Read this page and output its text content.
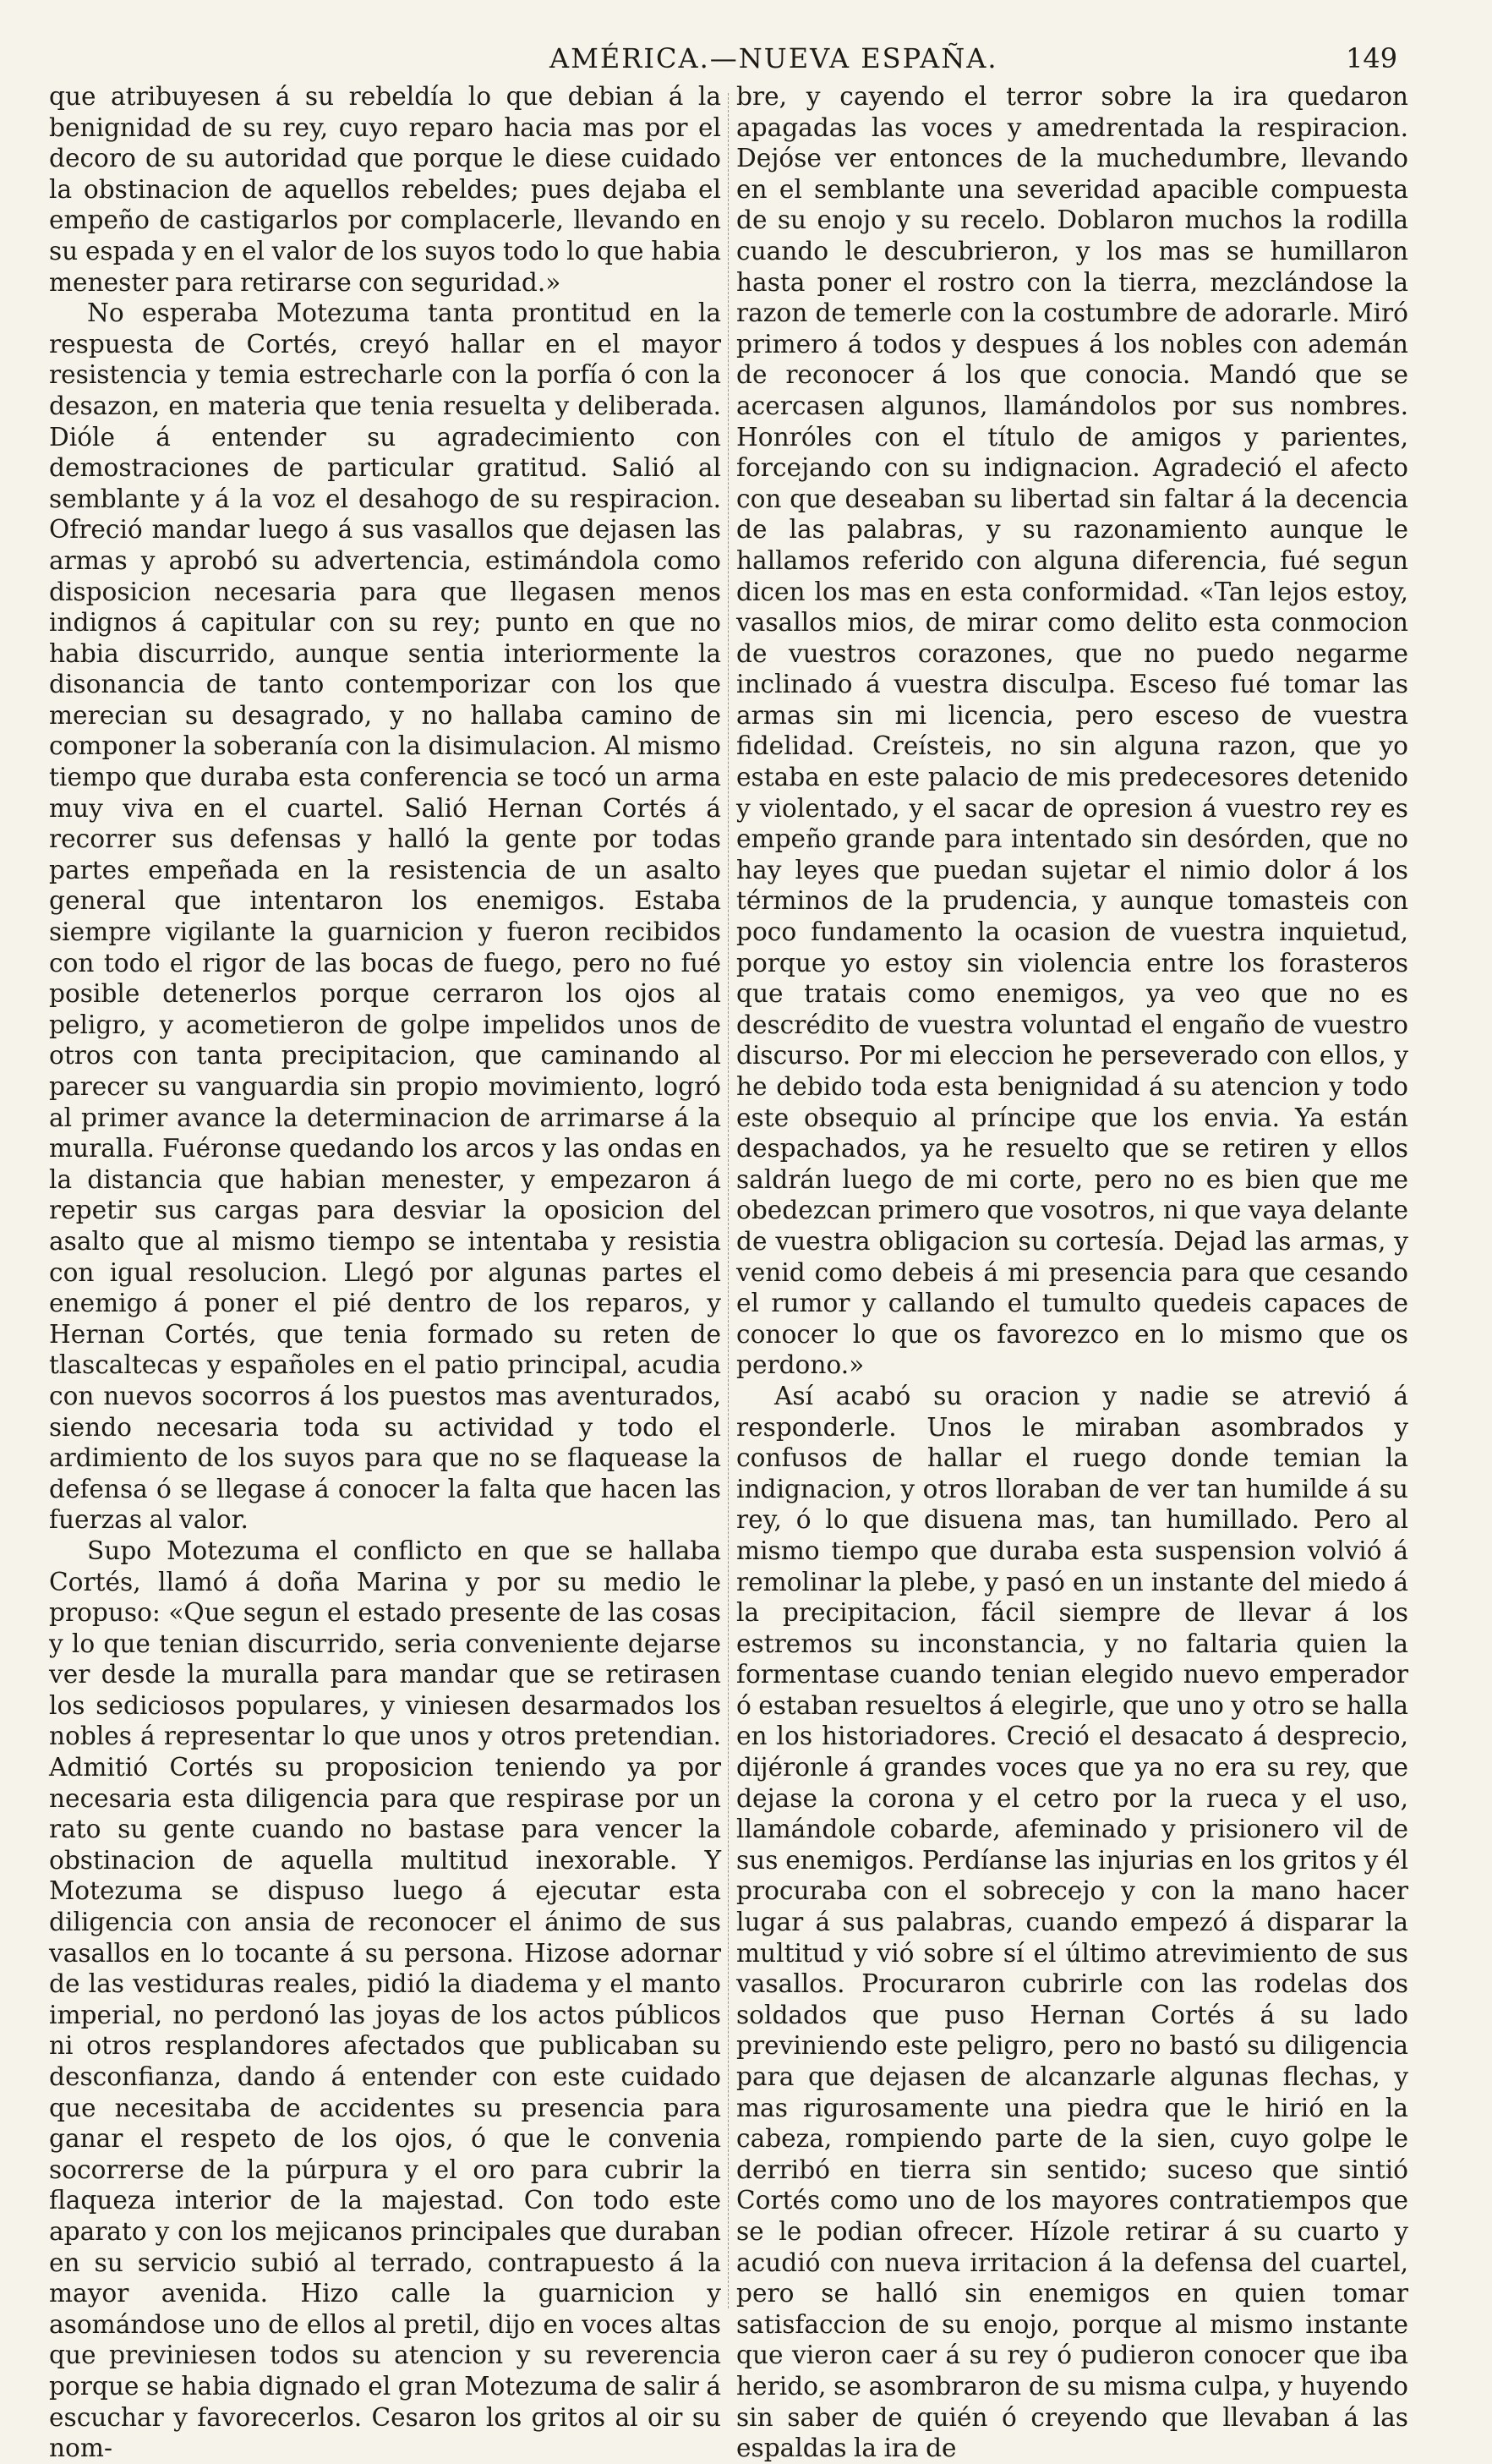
AMÉRICA.—NUEVA ESPAÑA.	149

que atribuyesen á su rebeldía lo que debian á la benignidad de su rey, cuyo reparo hacia mas por el decoro de su autoridad que porque le diese cuidado la obstinacion de aquellos rebeldes; pues dejaba el empeño de castigarlos por complacerle, llevando en su espada y en el valor de los suyos todo lo que habia menester para retirarse con seguridad.»

No esperaba Motezuma tanta prontitud en la respuesta de Cortés, creyó hallar en el mayor resistencia y temia estrecharle con la porfía ó con la desazon, en materia que tenia resuelta y deliberada. Dióle á entender su agradecimiento con demostraciones de particular gratitud. Salió al semblante y á la voz el desahogo de su respiracion. Ofreció mandar luego á sus vasallos que dejasen las armas y aprobó su advertencia, estimándola como disposicion necesaria para que llegasen menos indignos á capitular con su rey; punto en que no habia discurrido, aunque sentia interiormente la disonancia de tanto contemporizar con los que merecian su desagrado, y no hallaba camino de componer la soberanía con la disimulacion. Al mismo tiempo que duraba esta conferencia se tocó un arma muy viva en el cuartel. Salió Hernan Cortés á recorrer sus defensas y halló la gente por todas partes empeñada en la resistencia de un asalto general que intentaron los enemigos. Estaba siempre vigilante la guarnicion y fueron recibidos con todo el rigor de las bocas de fuego, pero no fué posible detenerlos porque cerraron los ojos al peligro, y acometieron de golpe impelidos unos de otros con tanta precipitacion, que caminando al parecer su vanguardia sin propio movimiento, logró al primer avance la determinacion de arrimarse á la muralla. Fuéronse quedando los arcos y las ondas en la distancia que habian menester, y empezaron á repetir sus cargas para desviar la oposicion del asalto que al mismo tiempo se intentaba y resistia con igual resolucion. Llegó por algunas partes el enemigo á poner el pié dentro de los reparos, y Hernan Cortés, que tenia formado su reten de tlascaltecas y españoles en el patio principal, acudia con nuevos socorros á los puestos mas aventurados, siendo necesaria toda su actividad y todo el ardimiento de los suyos para que no se flaquease la defensa ó se llegase á conocer la falta que hacen las fuerzas al valor.

Supo Motezuma el conflicto en que se hallaba Cortés, llamó á doña Marina y por su medio le propuso: «Que segun el estado presente de las cosas y lo que tenian discurrido, seria conveniente dejarse ver desde la muralla para mandar que se retirasen los sediciosos populares, y viniesen desarmados los nobles á representar lo que unos y otros pretendian. Admitió Cortés su proposicion teniendo ya por necesaria esta diligencia para que respirase por un rato su gente cuando no bastase para vencer la obstinacion de aquella multitud inexorable. Y Motezuma se dispuso luego á ejecutar esta diligencia con ansia de reconocer el ánimo de sus vasallos en lo tocante á su persona. Hizose adornar de las vestiduras reales, pidió la diadema y el manto imperial, no perdonó las joyas de los actos públicos ni otros resplandores afectados que publicaban su desconfianza, dando á entender con este cuidado que necesitaba de accidentes su presencia para ganar el respeto de los ojos, ó que le convenia socorrerse de la púrpura y el oro para cubrir la flaqueza interior de la majestad. Con todo este aparato y con los mejicanos principales que duraban en su servicio subió al terrado, contrapuesto á la mayor avenida. Hizo calle la guarnicion y asomándose uno de ellos al pretil, dijo en voces altas que previniesen todos su atencion y su reverencia porque se habia dignado el gran Motezuma de salir á escuchar y favorecerlos. Cesaron los gritos al oir su nom-

bre, y cayendo el terror sobre la ira quedaron apagadas las voces y amedrentada la respiracion. Dejóse ver entonces de la muchedumbre, llevando en el semblante una severidad apacible compuesta de su enojo y su recelo. Doblaron muchos la rodilla cuando le descubrieron, y los mas se humillaron hasta poner el rostro con la tierra, mezclándose la razon de temerle con la costumbre de adorarle. Miró primero á todos y despues á los nobles con ademán de reconocer á los que conocia. Mandó que se acercasen algunos, llamándolos por sus nombres. Honróles con el título de amigos y parientes, forcejando con su indignacion. Agradeció el afecto con que deseaban su libertad sin faltar á la decencia de las palabras, y su razonamiento aunque le hallamos referido con alguna diferencia, fué segun dicen los mas en esta conformidad. «Tan lejos estoy, vasallos mios, de mirar como delito esta conmocion de vuestros corazones, que no puedo negarme inclinado á vuestra disculpa. Esceso fué tomar las armas sin mi licencia, pero esceso de vuestra fidelidad. Creísteis, no sin alguna razon, que yo estaba en este palacio de mis predecesores detenido y violentado, y el sacar de opresion á vuestro rey es empeño grande para intentado sin desórden, que no hay leyes que puedan sujetar el nimio dolor á los términos de la prudencia, y aunque tomasteis con poco fundamento la ocasion de vuestra inquietud, porque yo estoy sin violencia entre los forasteros que tratais como enemigos, ya veo que no es descrédito de vuestra voluntad el engaño de vuestro discurso. Por mi eleccion he perseverado con ellos, y he debido toda esta benignidad á su atencion y todo este obsequio al príncipe que los envia. Ya están despachados, ya he resuelto que se retiren y ellos saldrán luego de mi corte, pero no es bien que me obedezcan primero que vosotros, ni que vaya delante de vuestra obligacion su cortesía. Dejad las armas, y venid como debeis á mi presencia para que cesando el rumor y callando el tumulto quedeis capaces de conocer lo que os favorezco en lo mismo que os perdono.»

Así acabó su oracion y nadie se atrevió á responderle. Unos le miraban asombrados y confusos de hallar el ruego donde temian la indignacion, y otros lloraban de ver tan humilde á su rey, ó lo que disuena mas, tan humillado. Pero al mismo tiempo que duraba esta suspension volvió á remolinar la plebe, y pasó en un instante del miedo á la precipitacion, fácil siempre de llevar á los estremos su inconstancia, y no faltaria quien la formentase cuando tenian elegido nuevo emperador ó estaban resueltos á elegirle, que uno y otro se halla en los historiadores. Creció el desacato á desprecio, dijéronle á grandes voces que ya no era su rey, que dejase la corona y el cetro por la rueca y el uso, llamándole cobarde, afeminado y prisionero vil de sus enemigos. Perdíanse las injurias en los gritos y él procuraba con el sobrecejo y con la mano hacer lugar á sus palabras, cuando empezó á disparar la multitud y vió sobre sí el último atrevimiento de sus vasallos. Procuraron cubrirle con las rodelas dos soldados que puso Hernan Cortés á su lado previniendo este peligro, pero no bastó su diligencia para que dejasen de alcanzarle algunas flechas, y mas rigurosamente una piedra que le hirió en la cabeza, rompiendo parte de la sien, cuyo golpe le derribó en tierra sin sentido; suceso que sintió Cortés como uno de los mayores contratiempos que se le podian ofrecer. Hízole retirar á su cuarto y acudió con nueva irritacion á la defensa del cuartel, pero se halló sin enemigos en quien tomar satisfaccion de su enojo, porque al mismo instante que vieron caer á su rey ó pudieron conocer que iba herido, se asombraron de su misma culpa, y huyendo sin saber de quién ó creyendo que llevaban á las espaldas la ira de
